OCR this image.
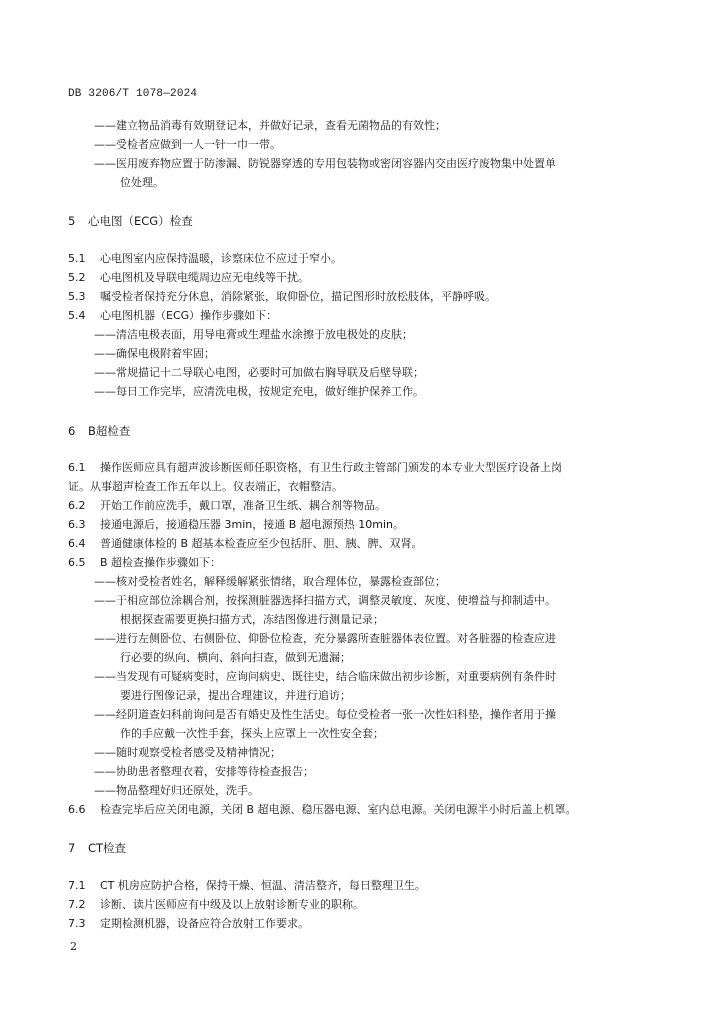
DB 3206/T 1078—2024
——建立物品消毒有效期登记本，并做好记录，查看无菌物品的有效性；
——受检者应做到一人一针一巾一带。
——医用废弃物应置于防渗漏、防锐器穿透的专用包装物或密闭容器内交由医疗废物集中处置单
位处理。
5 心电图（ECG）检查
5.1 心电图室内应保持温暖，诊察床位不应过于窄小。
5.2 心电图机及导联电缆周边应无电线等干扰。
5.3 嘱受检者保持充分休息，消除紧张，取仰卧位，描记图形时放松肢体，平静呼吸。
5.4 心电图机器（ECG）操作步骤如下：
——清洁电极表面，用导电膏或生理盐水涂擦于放电极处的皮肤；
——确保电极附着牢固；
——常规描记十二导联心电图，必要时可加做右胸导联及后壁导联；
——每日工作完毕，应清洗电极，按规定充电，做好维护保养工作。
6 B超检查
6.1 操作医师应具有超声波诊断医师任职资格，有卫生行政主管部门颁发的本专业大型医疗设备上岗
证。从事超声检查工作五年以上。仪表端正，衣帽整洁。
6.2 开始工作前应洗手，戴口罩，准备卫生纸、耦合剂等物品。
6.3 接通电源后，接通稳压器 3min，接通 B 超电源预热 10min。
6.4 普通健康体检的 B 超基本检查应至少包括肝、胆、胰、脾、双肾。
6.5 B 超检查操作步骤如下：
——核对受检者姓名，解释缓解紧张情绪，取合理体位，暴露检查部位；
——于相应部位涂耦合剂，按探测脏器选择扫描方式，调整灵敏度、灰度、使增益与抑制适中。
根据探查需要更换扫描方式，冻结图像进行测量记录；
——进行左侧卧位、右侧卧位、仰卧位检查，充分暴露所查脏器体表位置。对各脏器的检查应进
行必要的纵向、横向、斜向扫查，做到无遗漏；
——当发现有可疑病变时，应询问病史、既往史，结合临床做出初步诊断，对重要病例有条件时
要进行图像记录，提出合理建议，并进行追访；
——经阴道查妇科前询问是否有婚史及性生活史。每位受检者一张一次性妇科垫，操作者用于操
作的手应戴一次性手套，探头上应罩上一次性安全套；
——随时观察受检者感受及精神情况；
——协助患者整理衣着，安排等待检查报告；
——物品整理好归还原处，洗手。
6.6 检查完毕后应关闭电源，关闭 B 超电源、稳压器电源、室内总电源。关闭电源半小时后盖上机罩。
7 CT检查
7.1 CT 机房应防护合格，保持干燥、恒温、清洁整齐，每日整理卫生。
7.2 诊断、读片医师应有中级及以上放射诊断专业的职称。
7.3 定期检测机器，设备应符合放射工作要求。
2
